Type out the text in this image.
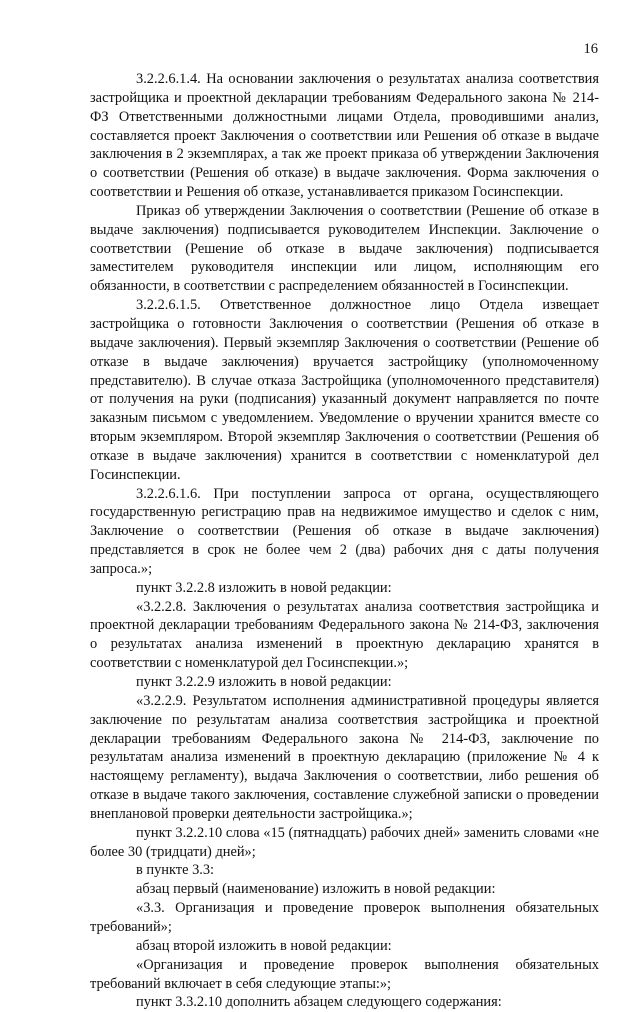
16

3.2.2.6.1.4. На основании заключения о результатах анализа соответствия застройщика и проектной декларации требованиям Федерального закона № 214-ФЗ Ответственными должностными лицами Отдела, проводившими анализ, составляется проект Заключения о соответствии или Решения об отказе в выдаче заключения в 2 экземплярах, а так же проект приказа об утверждении Заключения о соответствии (Решения об отказе) в выдаче заключения. Форма заключения о соответствии и Решения об отказе, устанавливается приказом Госинспекции.

Приказ об утверждении Заключения о соответствии (Решение об отказе в выдаче заключения) подписывается руководителем Инспекции. Заключение о соответствии (Решение об отказе в выдаче заключения) подписывается заместителем руководителя инспекции или лицом, исполняющим его обязанности, в соответствии с распределением обязанностей в Госинспекции.

3.2.2.6.1.5. Ответственное должностное лицо Отдела извещает застройщика о готовности Заключения о соответствии (Решения об отказе в выдаче заключения). Первый экземпляр Заключения о соответствии (Решение об отказе в выдаче заключения) вручается застройщику (уполномоченному представителю). В случае отказа Застройщика (уполномоченного представителя) от получения на руки (подписания) указанный документ направляется по почте заказным письмом с уведомлением. Уведомление о вручении хранится вместе со вторым экземпляром. Второй экземпляр Заключения о соответствии (Решения об отказе в выдаче заключения) хранится в соответствии с номенклатурой дел Госинспекции.

3.2.2.6.1.6. При поступлении запроса от органа, осуществляющего государственную регистрацию прав на недвижимое имущество и сделок с ним, Заключение о соответствии (Решения об отказе в выдаче заключения) представляется в срок не более чем 2 (два) рабочих дня с даты получения запроса.»;

пункт 3.2.2.8 изложить в новой редакции:

«3.2.2.8. Заключения о результатах анализа соответствия застройщика и проектной декларации требованиям Федерального закона № 214-ФЗ, заключения о результатах анализа изменений в проектную декларацию хранятся в соответствии с номенклатурой дел Госинспекции.»;

пункт 3.2.2.9 изложить в новой редакции:

«3.2.2.9. Результатом исполнения административной процедуры является заключение по результатам анализа соответствия застройщика и проектной декларации требованиям Федерального закона № 214-ФЗ, заключение по результатам анализа изменений в проектную декларацию (приложение № 4 к настоящему регламенту), выдача Заключения о соответствии, либо решения об отказе в выдаче такого заключения, составление служебной записки о проведении внеплановой проверки деятельности застройщика.»;

пункт 3.2.2.10 слова «15 (пятнадцать) рабочих дней» заменить словами «не более 30 (тридцати) дней»;

в пункте 3.3:

абзац первый (наименование) изложить в новой редакции:

«3.3. Организация и проведение проверок выполнения обязательных требований»;

абзац второй изложить в новой редакции:

«Организация и проведение проверок выполнения обязательных требований включает в себя следующие этапы:»;

пункт 3.3.2.10 дополнить абзацем следующего содержания:
